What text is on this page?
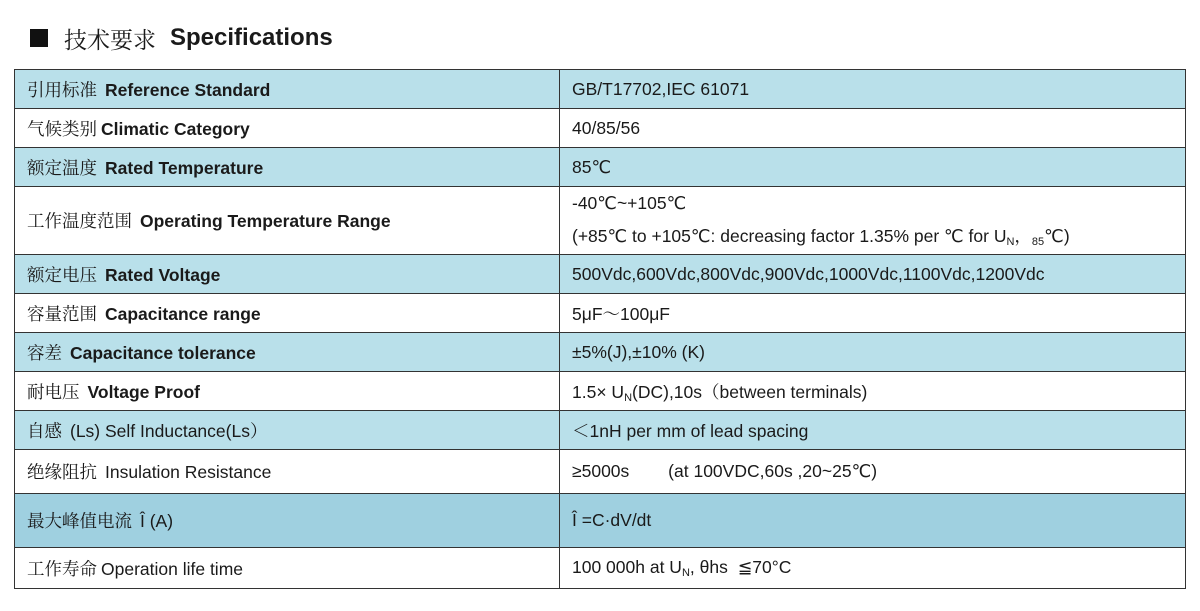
技术要求 Specifications
引用标准 Reference Standard	GB/T17702,IEC 61071
气候类别 Climatic Category	40/85/56
额定温度 Rated Temperature	85℃
工作温度范围 Operating Temperature Range	-40℃~+105℃
(+85℃ to +105℃: decreasing factor 1.35% per ℃ for $U_N$，$_{85}$℃)

额定电压 Rated Voltage	500Vdc,600Vdc,800Vdc,900Vdc,1000Vdc,1100Vdc,1200Vdc
容量范围 Capacitance range	5μF～100μF
容差 Capacitance tolerance	±5%(J),±10% (K)
耐电压 Voltage Proof	$1.5\times U_N(DC),10s(between$ terminals)
自感 (Ls) Self Inductance(Ls）	＜1nH per mm of lead spacing
绝缘阻抗 Insulation Resistance	≥5000s        (at 100VDC,60s ,20~25℃)
最大峰值电流 Î (A)	Î =C·dV/dt
工作寿命 Operation life time	100 000h at $U_N$, θhs  ≦70°C
